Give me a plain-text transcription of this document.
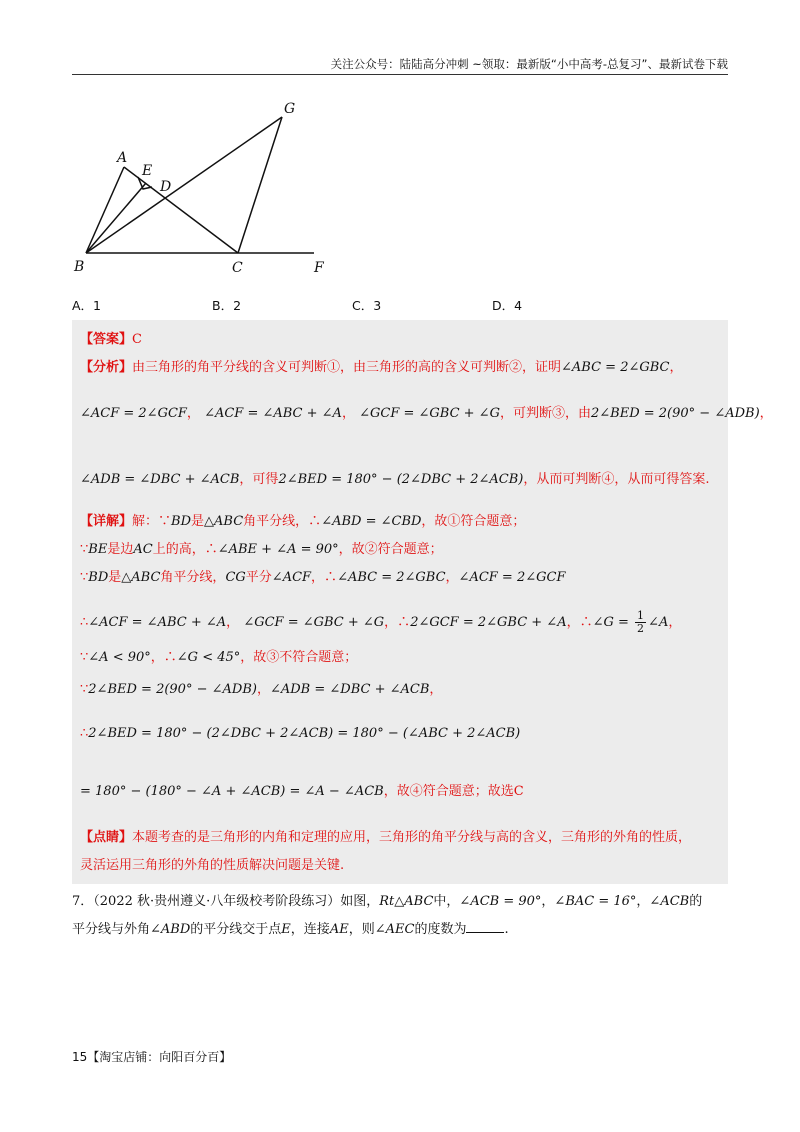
关注公众号：陆陆高分冲刺 ~领取：最新版“小中高考-总复习”、最新试卷下载
A
E
D
G
B	C	F
A．1	B．2	C．3	D．4
【答案】C
【分析】由三角形的角平分线的含义可判断①，由三角形的高的含义可判断②，证明∠ABC = 2∠GBC，
∠ACF = 2∠GCF， ∠ACF = ∠ABC + ∠A， ∠GCF = ∠GBC + ∠G，可判断③，由2∠BED = 2(90° − ∠ADB)，
∠ADB = ∠DBC + ∠ACB，可得2∠BED = 180° − (2∠DBC + 2∠ACB)，从而可判断④，从而可得答案.
【详解】解：∵BD是△ABC角平分线，∴∠ABD = ∠CBD，故①符合题意；
∵BE是边AC上的高，∴∠ABE + ∠A = 90°，故②符合题意；
∵BD是△ABC角平分线，CG平分∠ACF，∴∠ABC = 2∠GBC，∠ACF = 2∠GCF
∴∠ACF = ∠ABC + ∠A， ∠GCF = ∠GBC + ∠G，∴2∠GCF = 2∠GBC + ∠A，∴∠G = $\frac{1}{2}$ ∠A，
∵∠A < 90°，∴∠G < 45°，故③不符合题意；
∵2∠BED = 2(90° − ∠ADB)，∠ADB = ∠DBC + ∠ACB，
∴2∠BED = 180° − (2∠DBC + 2∠ACB) = 180° − (∠ABC + 2∠ACB)
= 180° − (180° − ∠A + ∠ACB) = ∠A − ∠ACB，故④符合题意；故选C
【点睛】本题考查的是三角形的内角和定理的应用，三角形的角平分线与高的含义，三角形的外角的性质，
灵活运用三角形的外角的性质解决问题是关键.
7．（2022 秋·贵州遵义·八年级校考阶段练习）如图，Rt△ABC中，∠ACB = 90°，∠BAC = 16°，∠ACB的
平分线与外角∠ABD的平分线交于点E，连接AE，则∠AEC的度数为	.
15【淘宝店铺：向阳百分百】
